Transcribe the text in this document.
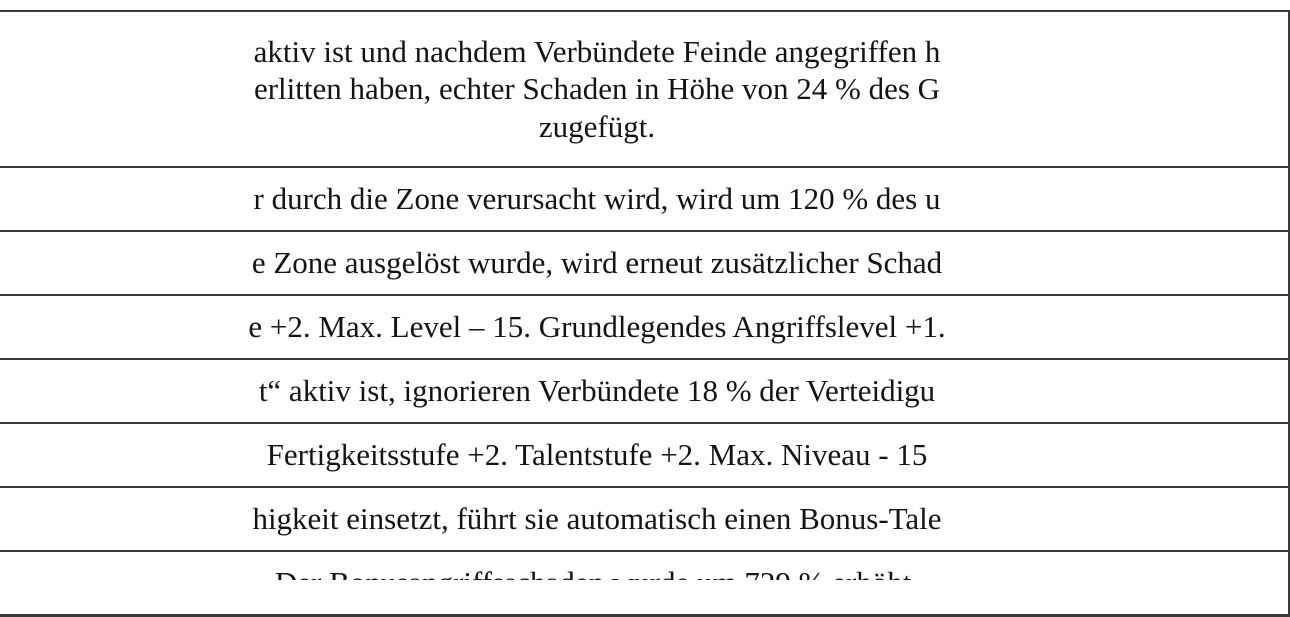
aktiv ist und nachdem Verbündete Feinde angegriffen h
erlitten haben, echter Schaden in Höhe von 24 % des G
zugefügt.

r durch die Zone verursacht wird, wird um 120 % des u

e Zone ausgelöst wurde, wird erneut zusätzlicher Schad

e +2. Max. Level – 15. Grundlegendes Angriffslevel +1.

t“ aktiv ist, ignorieren Verbündete 18 % der Verteidigu

Fertigkeitsstufe +2. Talentstufe +2. Max. Niveau - 15

higkeit einsetzt, führt sie automatisch einen Bonus-Tale
